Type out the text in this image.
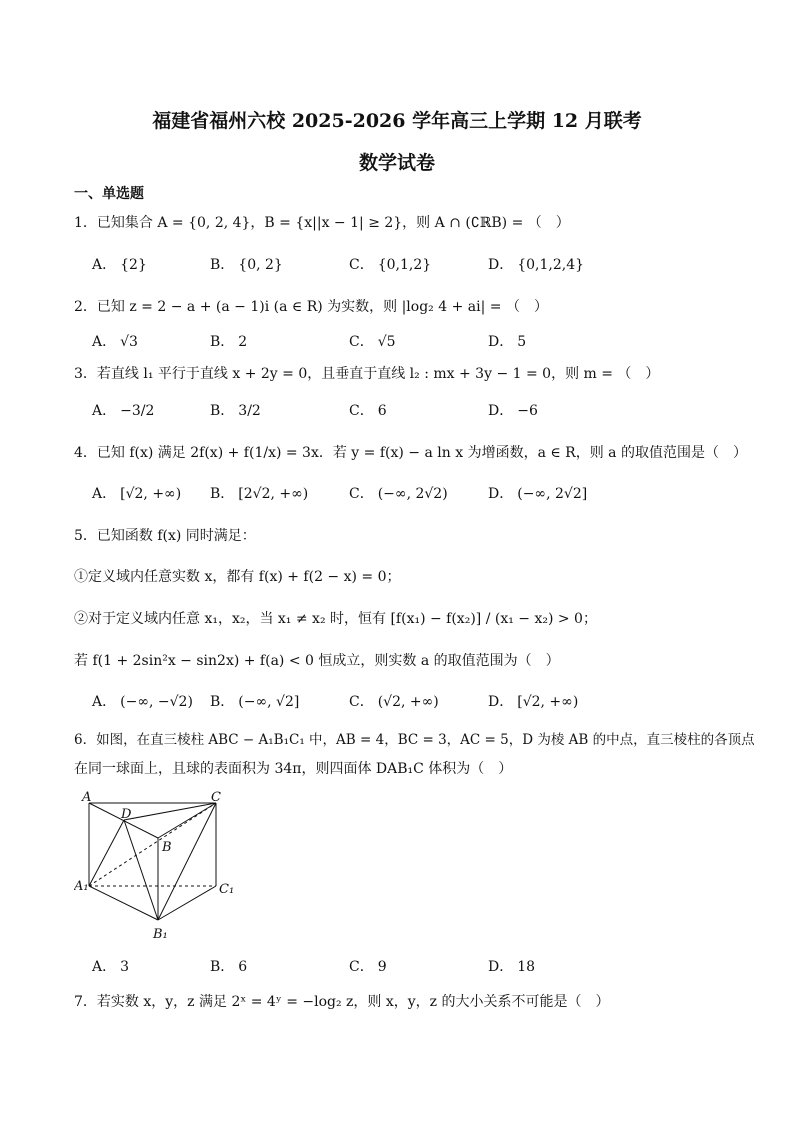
福建省福州六校 2025-2026 学年高三上学期 12 月联考
数学试卷
一、单选题
1．已知集合 A = {0, 2, 4}，B = {x||x − 1| ≥ 2}，则 A ∩ (∁ℝB) = （　）
A． {2}	B． {0, 2}	C． {0,1,2}	D． {0,1,2,4}
2．已知 z = 2 − a + (a − 1)i (a ∈ R) 为实数，则 |log₂ 4 + ai| = （　）
A． √3	B． 2	C． √5	D． 5
3．若直线 l₁ 平行于直线 x + 2y = 0，且垂直于直线 l₂ : mx + 3y − 1 = 0，则 m = （　）
A． −3/2	B． 3/2	C． 6	D． −6
4．已知 f(x) 满足 2f(x) + f(1/x) = 3x．若 y = f(x) − a ln x 为增函数，a ∈ R，则 a 的取值范围是（　）
A． [√2, +∞) B． [2√2, +∞)	C． (−∞, 2√2)	D． (−∞, 2√2]
5．已知函数 f(x) 同时满足：
①定义域内任意实数 x，都有 f(x) + f(2 − x) = 0；
②对于定义域内任意 x₁，x₂，当 x₁ ≠ x₂ 时，恒有 [f(x₁) − f(x₂)] / (x₁ − x₂) > 0；
若 f(1 + 2sin²x − sin2x) + f(a) < 0 恒成立，则实数 a 的取值范围为（　）
A． (−∞, −√2) B． (−∞, √2]	C． (√2, +∞)	D． [√2, +∞)
6．如图，在直三棱柱 ABC − A₁B₁C₁ 中，AB = 4，BC = 3，AC = 5，D 为棱 AB 的中点，直三棱柱的各顶点
在同一球面上，且球的表面积为 34π，则四面体 DAB₁C 体积为（　）
A	C
D
B
A₁	C₁
B₁
A． 3	B． 6	C． 9	D． 18
7．若实数 x，y，z 满足 2ˣ = 4ʸ = −log₂ z，则 x，y，z 的大小关系不可能是（　）
